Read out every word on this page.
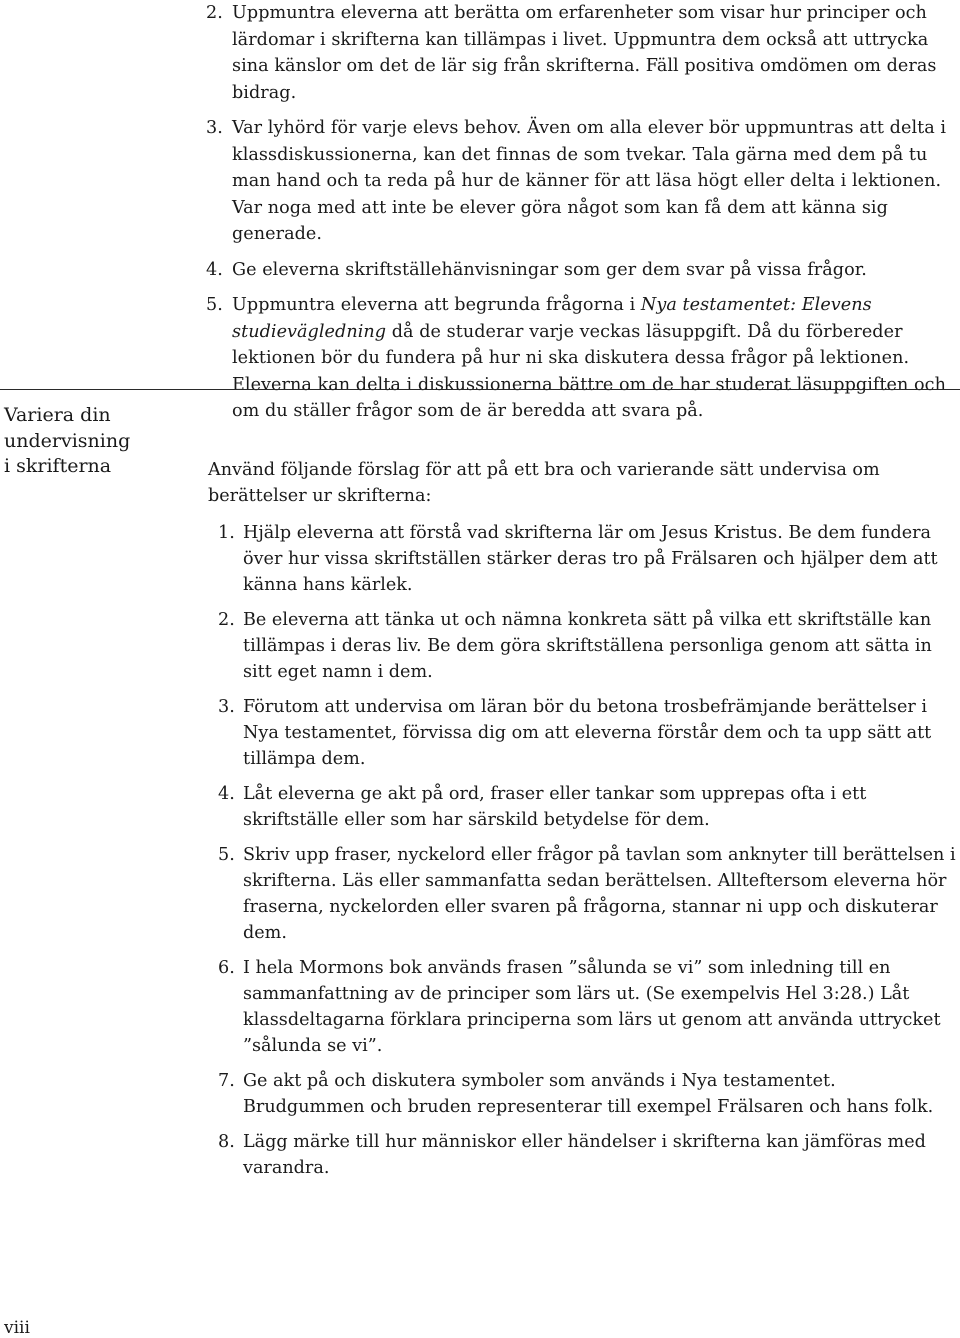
2. Uppmuntra eleverna att berätta om erfarenheter som visar hur principer och lärdomar i skrifterna kan tillämpas i livet. Uppmuntra dem också att uttrycka sina känslor om det de lär sig från skrifterna. Fäll positiva omdömen om deras bidrag.
3. Var lyhörd för varje elevs behov. Även om alla elever bör uppmuntras att delta i klassdiskussionerna, kan det finnas de som tvekar. Tala gärna med dem på tu man hand och ta reda på hur de känner för att läsa högt eller delta i lektionen. Var noga med att inte be elever göra något som kan få dem att känna sig generade.
4. Ge eleverna skriftställehänvisningar som ger dem svar på vissa frågor.
5. Uppmuntra eleverna att begrunda frågorna i Nya testamentet: Elevens studievägledning då de studerar varje veckas läsuppgift. Då du förbereder lektionen bör du fundera på hur ni ska diskutera dessa frågor på lektionen. Eleverna kan delta i diskussionerna bättre om de har studerat läsuppgiften och om du ställer frågor som de är beredda att svara på.
Variera din
undervisning
i skrifterna	Använd följande förslag för att på ett bra och varierande sätt undervisa om berättelser ur skrifterna:

1. Hjälp eleverna att förstå vad skrifterna lär om Jesus Kristus. Be dem fundera över hur vissa skriftställen stärker deras tro på Frälsaren och hjälper dem att känna hans kärlek.
2. Be eleverna att tänka ut och nämna konkreta sätt på vilka ett skriftställe kan tillämpas i deras liv. Be dem göra skriftställena personliga genom att sätta in sitt eget namn i dem.
3. Förutom att undervisa om läran bör du betona trosbefrämjande berättelser i Nya testamentet, förvissa dig om att eleverna förstår dem och ta upp sätt att tillämpa dem.
4. Låt eleverna ge akt på ord, fraser eller tankar som upprepas ofta i ett skriftställe eller som har särskild betydelse för dem.
5. Skriv upp fraser, nyckelord eller frågor på tavlan som anknyter till berättelsen i skrifterna. Läs eller sammanfatta sedan berättelsen. Allteftersom eleverna hör fraserna, nyckelorden eller svaren på frågorna, stannar ni upp och diskuterar dem.
6. I hela Mormons bok används frasen ”sålunda se vi” som inledning till en sammanfattning av de principer som lärs ut. (Se exempelvis Hel 3:28.) Låt klassdeltagarna förklara principerna som lärs ut genom att använda uttrycket ”sålunda se vi”.
7. Ge akt på och diskutera symboler som används i Nya testamentet. Brudgummen och bruden representerar till exempel Frälsaren och hans folk.
8. Lägg märke till hur människor eller händelser i skrifterna kan jämföras med varandra.
viii
